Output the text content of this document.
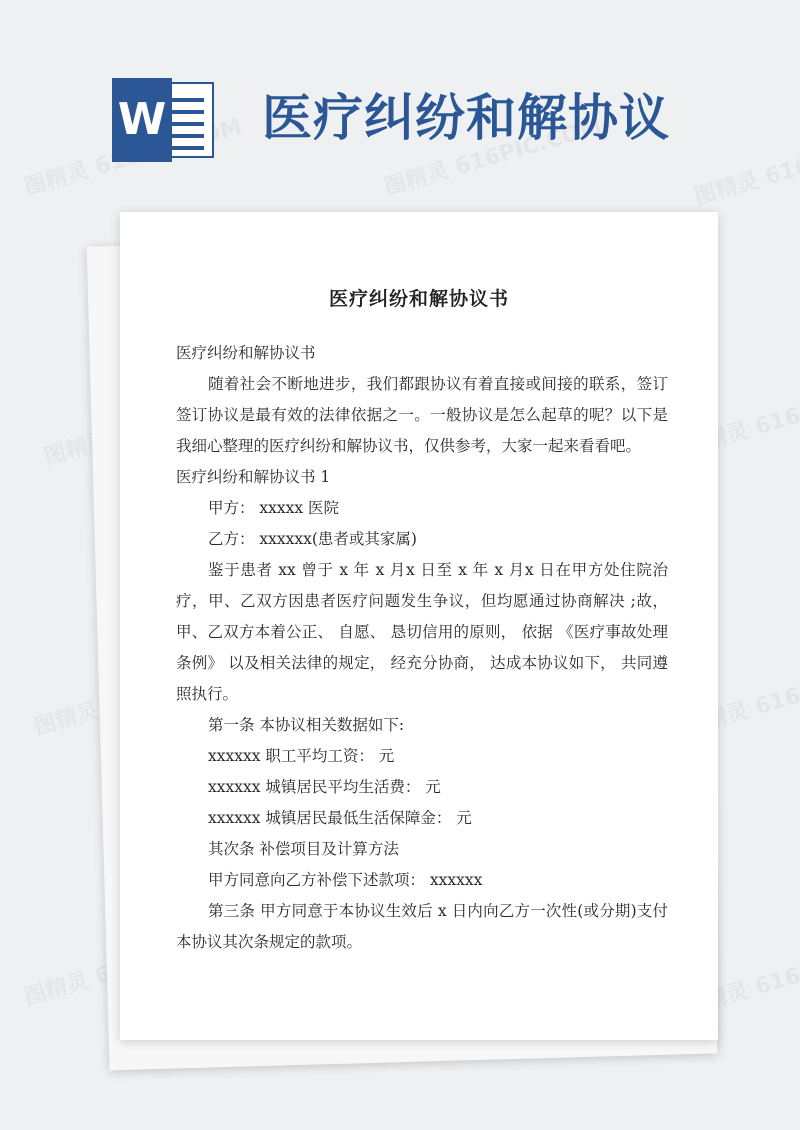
W 医疗纠纷和解协议
医疗纠纷和解协议书

医疗纠纷和解协议书

随着社会不断地进步，我们都跟协议有着直接或间接的联系，签订签订协议是最有效的法律依据之一。一般协议是怎么起草的呢？以下是我细心整理的医疗纠纷和解协议书，仅供参考，大家一起来看看吧。

医疗纠纷和解协议书 1

甲方： xxxxx 医院

乙方： xxxxxx(患者或其家属)

鉴于患者 xx 曾于 x 年 x 月x 日至 x 年 x 月x 日在甲方处住院治疗，甲、乙双方因患者医疗问题发生争议，但均愿通过协商解决 ;故，甲、乙双方本着公正、 自愿、 恳切信用的原则， 依据 《医疗事故处理条例》 以及相关法律的规定， 经充分协商， 达成本协议如下， 共同遵照执行。

第一条 本协议相关数据如下:

xxxxxx 职工平均工资： 元

xxxxxx 城镇居民平均生活费： 元

xxxxxx 城镇居民最低生活保障金： 元

其次条 补偿项目及计算方法

甲方同意向乙方补偿下述款项： xxxxxx

第三条 甲方同意于本协议生效后 x 日内向乙方一次性(或分期)支付本协议其次条规定的款项。
